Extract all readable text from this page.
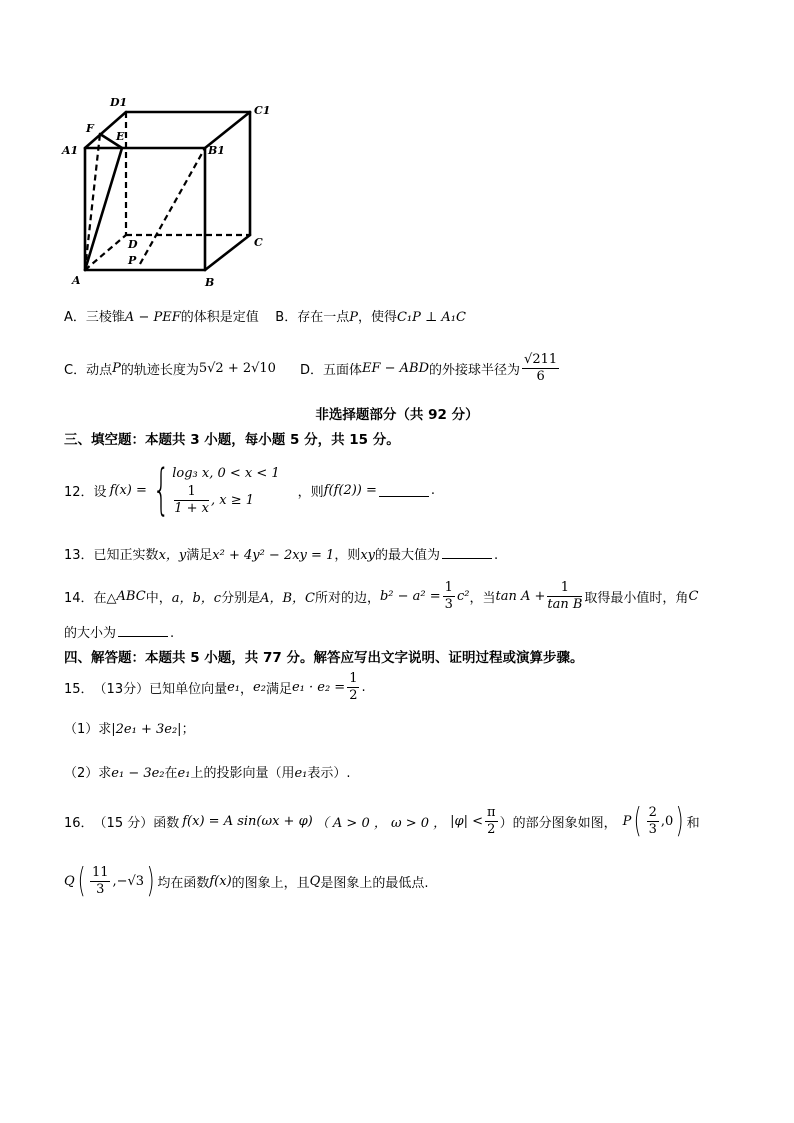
D1
C1
F
E
A1	B1
D	C
P
A	B
A．三棱锥A − PEF的体积是定值 B．存在一点P，使得C₁P ⊥ A₁C
C． 动点 P 的轨迹长度为 5√2 + 2√10 D． 五面体 EF − ABD 的外接球半径为 $\frac{√211}{6}$
非选择题部分（共 92 分）
三、填空题：本题共 3 小题，每小题 5 分，共 15 分。
12． 设 f(x) = { log₃ x, 0 < x < 1
$\frac{1}{1 + x}$ , x ≥ 1
，则 f(f(2)) =	.
13．已知正实数x，y满足x² + 4y² − 2xy = 1，则xy的最大值为	.
14． 在△ ABC 中， a，b，c 分别是 A，B，C 所对的边， $b^2 - a^2 = \frac{1}{3} c^2$ ，当 $\tan A + \frac{1}{\text{tan B}}$ 取得最小值时，角 C
的大小为	.
四、解答题：本题共 5 小题，共 77 分。解答应写出文字说明、证明过程或演算步骤。
15． （13分） 已知单位向量 e₁ ， e₂ 满足 $e_1 \cdot e_2 = \frac{1}{2}$ .
（1）求|2e₁ + 3e₂|；
（2）求e₁ − 3e₂在e₁上的投影向量（用e₁表示）.
16． （15 分） 函数 f(x) = A sin(ωx + φ) （ A > 0 ， ω > 0 ， $|\varphi| < \frac{\pi}{2}$ ）的部分图象如图， P ( $\frac{2}{3} ,0$ ) 和
Q ( $\frac{11}{3} ,-√3$ ) 均在函数 f(x) 的图象上，且 Q 是图象上的最低点.
